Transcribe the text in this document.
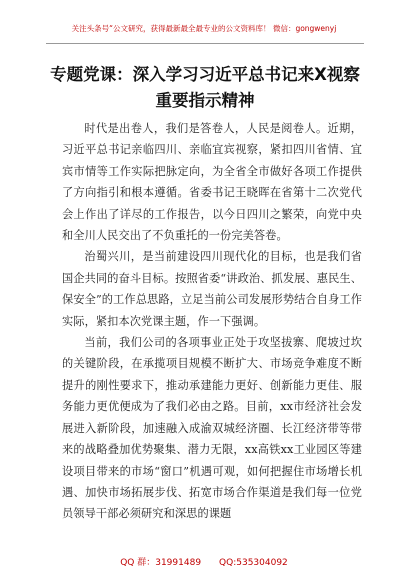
关注头条号“公文研究，获得最新最全最专业的公文资料库！ 微信：gongwenyj
专题党课：深入学习习近平总书记来X视察重要指示精神

时代是出卷人，我们是答卷人，人民是阅卷人。近期，习近平总书记亲临四川、亲临宜宾视察，紧扣四川省情、宜宾市情等工作实际把脉定向，为全省全市做好各项工作提供了方向指引和根本遵循。省委书记王晓晖在省第十二次党代会上作出了详尽的工作报告，以今日四川之繁荣，向党中央和全川人民交出了不负重托的一份完美答卷。

治蜀兴川，是当前建设四川现代化的目标，也是我们省国企共同的奋斗目标。按照省委“讲政治、抓发展、惠民生、保安全”的工作总思路，立足当前公司发展形势结合自身工作实际，紧扣本次党课主题，作一下强调。

当前，我们公司的各项事业正处于攻坚拔寨、爬坡过坎的关键阶段，在承揽项目规模不断扩大、市场竞争难度不断提升的刚性要求下，推动承建能力更好、创新能力更佳、服务能力更优便成为了我们必由之路。目前，xx市经济社会发展进入新阶段，加速融入成渝双城经济圈、长江经济带等带来的战略叠加优势聚集、潜力无限，xx高铁xx工业园区等建设项目带来的市场“窗口”机遇可观，如何把握住市场增长机遇、加快市场拓展步伐、拓宽市场合作渠道是我们每一位党员领导干部必须研究和深思的课题

QQ 群：31991489 QQ:535304092
